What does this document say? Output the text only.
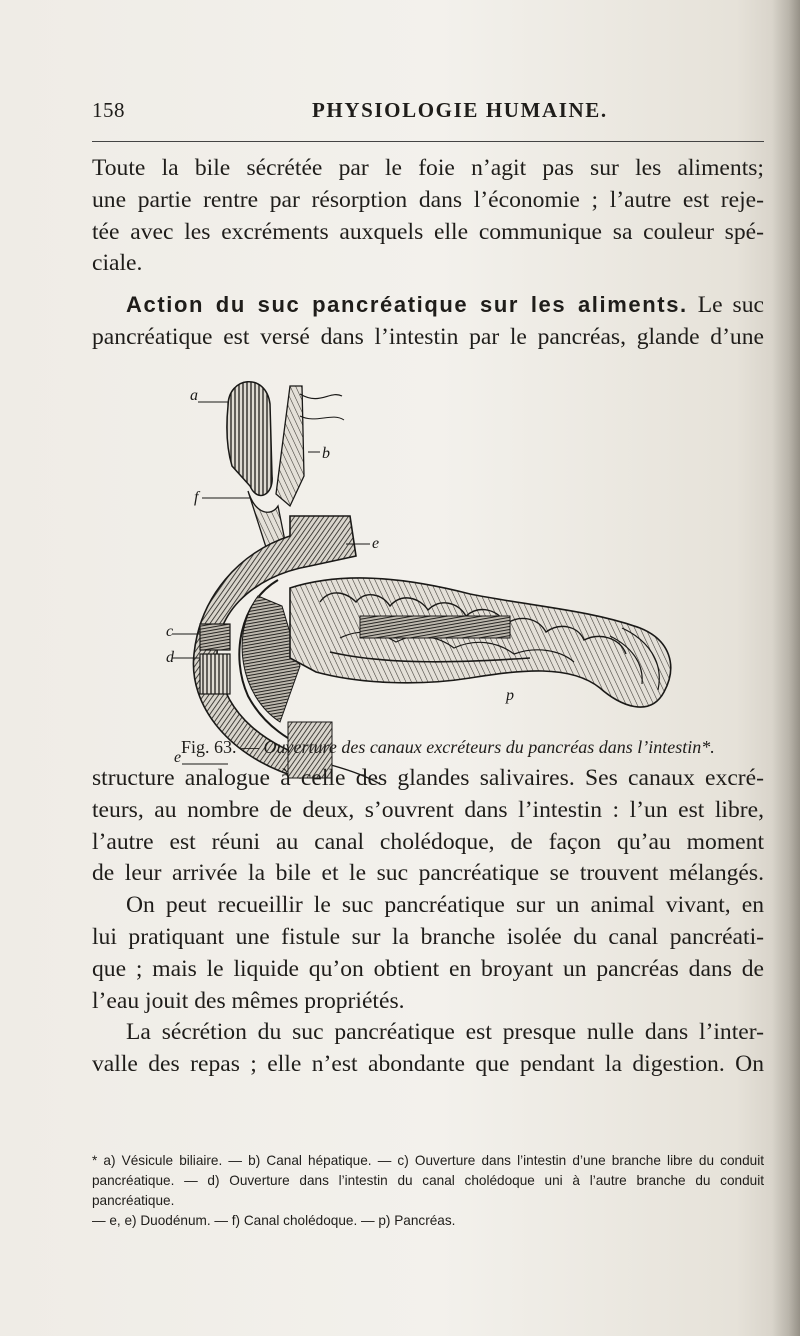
158	PHYSIOLOGIE HUMAINE.
Toute la bile sécrétée par le foie n’agit pas sur les aliments;
une partie rentre par résorption dans l’économie ; l’autre est reje-
tée avec les excréments auxquels elle communique sa couleur spé-
ciale.
Action du suc pancréatique sur les aliments. Le suc
pancréatique est versé dans l’intestin par le pancréas, glande d’une
a
b
f
e
c
d
p
e
Fig. 63. — Ouverture des canaux excréteurs du pancréas dans l’intestin*.
structure analogue à celle des glandes salivaires. Ses canaux excré-
teurs, au nombre de deux, s’ouvrent dans l’intestin : l’un est libre,
l’autre est réuni au canal cholédoque, de façon qu’au moment
de leur arrivée la bile et le suc pancréatique se trouvent mélangés.
On peut recueillir le suc pancréatique sur un animal vivant, en
lui pratiquant une fistule sur la branche isolée du canal pancréati-
que ; mais le liquide qu’on obtient en broyant un pancréas dans de
l’eau jouit des mêmes propriétés.
La sécrétion du suc pancréatique est presque nulle dans l’inter-
valle des repas ; elle n’est abondante que pendant la digestion. On
* a) Vésicule biliaire. — b) Canal hépatique. — c) Ouverture dans l’intestin d’une branche libre du conduit
pancréatique. — d) Ouverture dans l’intestin du canal cholédoque uni à l’autre branche du conduit pancréatique.
— e, e) Duodénum. — f) Canal cholédoque. — p) Pancréas.
